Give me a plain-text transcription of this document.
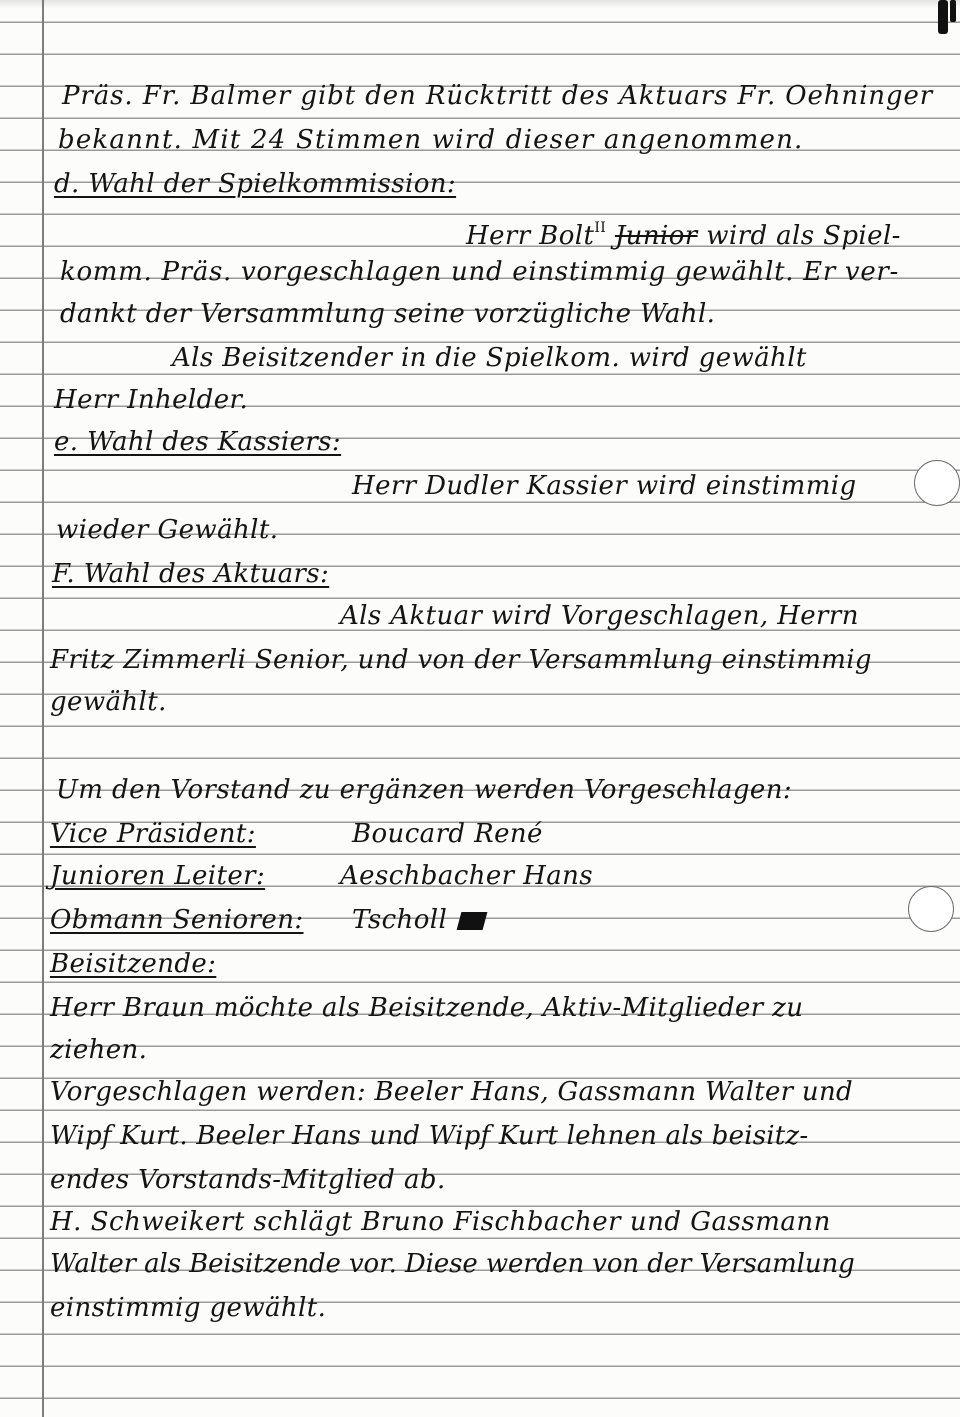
Präs. Fr. Balmer gibt den Rücktritt des Aktuars Fr. Oehninger
bekannt. Mit 24 Stimmen wird dieser angenommen.
d. Wahl der Spielkommission:
Herr Bolt$^{II}$ Junior wird als Spiel-
komm. Präs. vorgeschlagen und einstimmig gewählt. Er ver-
dankt der Versammlung seine vorzügliche Wahl.
Als Beisitzender in die Spielkom. wird gewählt
Herr Inhelder.
e. Wahl des Kassiers:
Herr Dudler Kassier wird einstimmig
wieder Gewählt.
F. Wahl des Aktuars:
Als Aktuar wird Vorgeschlagen, Herrn
Fritz Zimmerli Senior, und von der Versammlung einstimmig
gewählt.
Um den Vorstand zu ergänzen werden Vorgeschlagen:
Vice Präsident:	Boucard René
Junioren Leiter:	Aeschbacher Hans
Obmann Senioren: Tscholl
Beisitzende:
Herr Braun möchte als Beisitzende, Aktiv-Mitglieder zu
ziehen.
Vorgeschlagen werden: Beeler Hans, Gassmann Walter und
Wipf Kurt. Beeler Hans und Wipf Kurt lehnen als beisitz-
endes Vorstands-Mitglied ab.
H. Schweikert schlägt Bruno Fischbacher und Gassmann
Walter als Beisitzende vor. Diese werden von der Versamlung
einstimmig gewählt.
